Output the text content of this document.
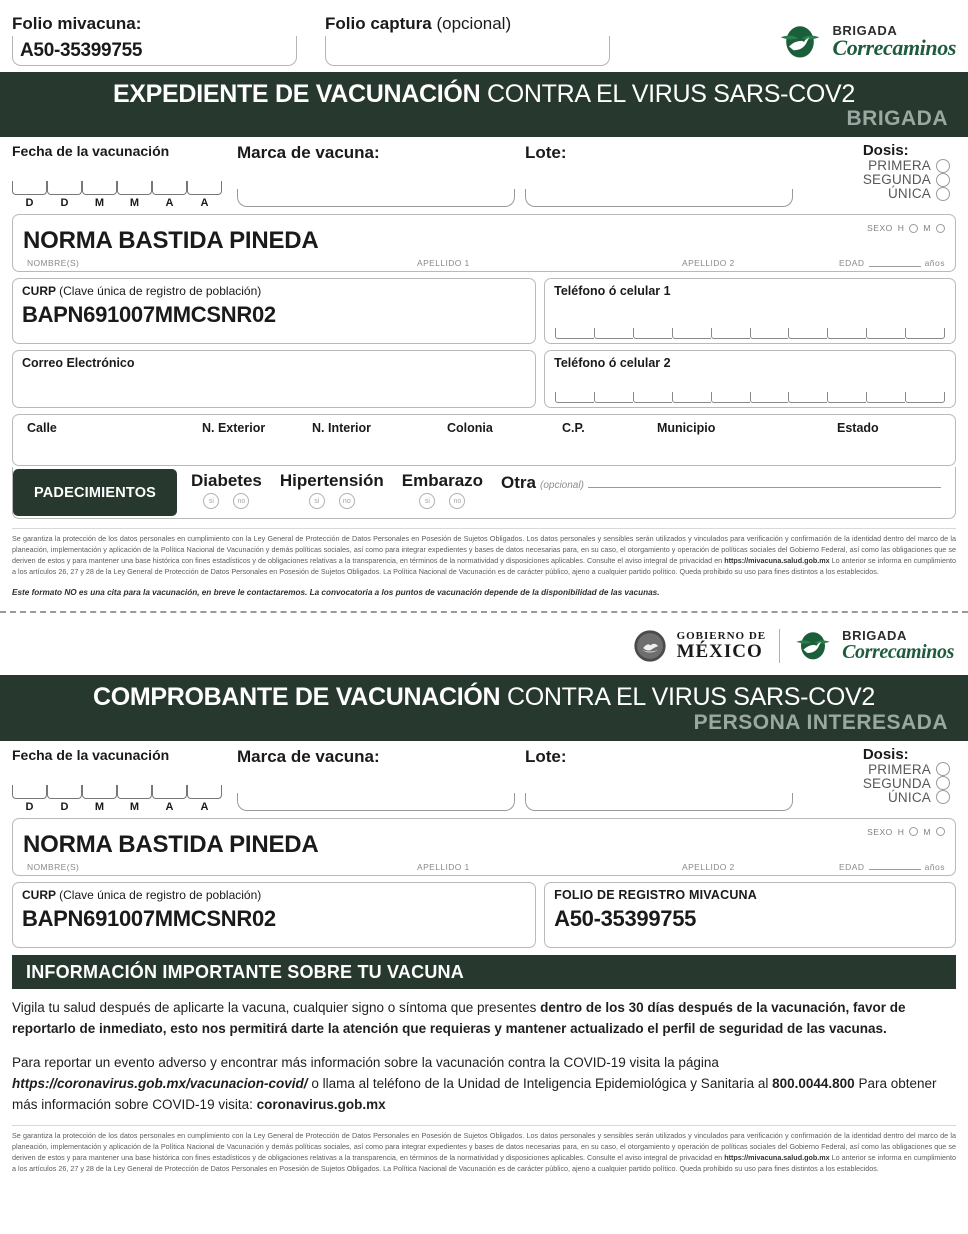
Folio mivacuna:
A50-35399755
Folio captura (opcional)	BRIGADA
Correcaminos
EXPEDIENTE DE VACUNACIÓN CONTRA EL VIRUS SARS-COV2
BRIGADA
Fecha de la vacunación
D	D	M	M	A	A
Marca de vacuna:	Lote:	Dosis:
PRIMERA
SEGUNDA
ÚNICA
NORMA BASTIDA PINEDA	SEXO H M
EDAD	años
NOMBRE(S)	APELLIDO 1	APELLIDO 2
CURP (Clave única de registro de población)
BAPN691007MMCSNR02
Teléfono ó celular 1
Correo Electrónico	Teléfono ó celular 2
Calle	N. Exterior	N. Interior	Colonia	C.P.	Municipio	Estado
PADECIMIENTOS
Diabetes
si	no
Hipertensión
si	no
Embarazo
si	no
Otra (opcional)
Se garantiza la protección de los datos personales en cumplimiento con la Ley General de Protección de Datos Personales en Posesión de Sujetos Obligados. Los datos personales y sensibles serán utilizados y vinculados para verificación y confirmación de la identidad dentro del marco de la planeación, implementación y aplicación de la Política Nacional de Vacunación y demás políticas sociales, así como para integrar expedientes y bases de datos necesarias para, en su caso, el otorgamiento y operación de políticas sociales del Gobierno Federal, así como las obligaciones que se deriven de estos y para mantener una base histórica con fines estadísticos y de obligaciones relativas a la transparencia, en términos de la normatividad y disposiciones aplicables. Consulte el aviso integral de privacidad en https://mivacuna.salud.gob.mx Lo anterior se informa en cumplimiento a los artículos 26, 27 y 28 de la Ley General de Protección de Datos Personales en Posesión de Sujetos Obligados. La Política Nacional de Vacunación es de carácter público, ajeno a cualquier partido político. Queda prohibido su uso para fines distintos a los establecidos.
Este formato NO es una cita para la vacunación, en breve le contactaremos. La convocatoria a los puntos de vacunación depende de la disponibilidad de las vacunas.
GOBIERNO DE
MÉXICO
BRIGADA
Correcaminos
COMPROBANTE DE VACUNACIÓN CONTRA EL VIRUS SARS-COV2
PERSONA INTERESADA
Fecha de la vacunación
D	D	M	M	A	A
Marca de vacuna:	Lote:	Dosis:
PRIMERA
SEGUNDA
ÚNICA
NORMA BASTIDA PINEDA	SEXO H M
EDAD	años
NOMBRE(S)	APELLIDO 1	APELLIDO 2
CURP (Clave única de registro de población)
BAPN691007MMCSNR02
FOLIO DE REGISTRO MIVACUNA
A50-35399755
INFORMACIÓN IMPORTANTE SOBRE TU VACUNA
Vigila tu salud después de aplicarte la vacuna, cualquier signo o síntoma que presentes dentro de los 30 días después de la vacunación, favor de reportarlo de inmediato, esto nos permitirá darte la atención que requieras y mantener actualizado el perfil de seguridad de las vacunas.
Para reportar un evento adverso y encontrar más información sobre la vacunación contra la COVID-19 visita la página https://coronavirus.gob.mx/vacunacion-covid/ o llama al teléfono de la Unidad de Inteligencia Epidemiológica y Sanitaria al 800.0044.800 Para obtener más información sobre COVID-19 visita: coronavirus.gob.mx
Se garantiza la protección de los datos personales en cumplimiento con la Ley General de Protección de Datos Personales en Posesión de Sujetos Obligados. Los datos personales y sensibles serán utilizados y vinculados para verificación y confirmación de la identidad dentro del marco de la planeación, implementación y aplicación de la Política Nacional de Vacunación y demás políticas sociales, así como para integrar expedientes y bases de datos necesarias para, en su caso, el otorgamiento y operación de políticas sociales del Gobierno Federal, así como las obligaciones que se deriven de estos y para mantener una base histórica con fines estadísticos y de obligaciones relativas a la transparencia, en términos de la normatividad y disposiciones aplicables. Consulte el aviso integral de privacidad en https://mivacuna.salud.gob.mx Lo anterior se informa en cumplimiento a los artículos 26, 27 y 28 de la Ley General de Protección de Datos Personales en Posesión de Sujetos Obligados. La Política Nacional de Vacunación es de carácter público, ajeno a cualquier partido político. Queda prohibido su uso para fines distintos a los establecidos.
